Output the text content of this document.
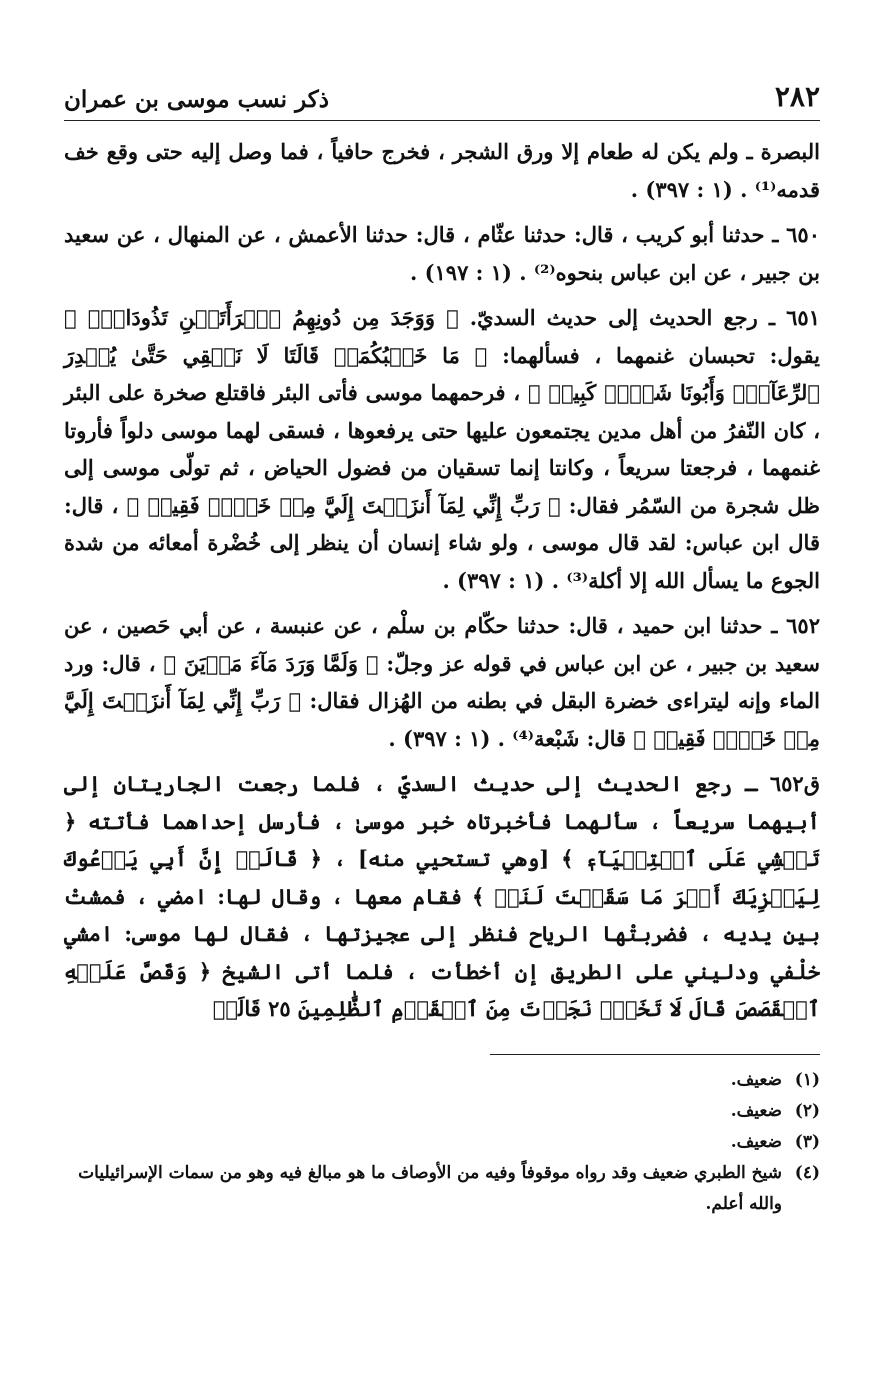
٢٨٢
ذكر نسب موسى بن عمران

البصرة ـ ولم يكن له طعام إلا ورق الشجر ، فخرج حافياً ، فما وصل إليه حتى وقع خف قدمه⁽¹⁾ . (١ : ٣٩٧) .

٦٥٠ ـ حدثنا أبو كريب ، قال: حدثنا عثّام ، قال: حدثنا الأعمش ، عن المنهال ، عن سعيد بن جبير ، عن ابن عباس بنحوه⁽²⁾ . (١ : ١٩٧) .

٦٥١ ـ رجع الحديث إلى حديث السديّ. ﴿ وَوَجَدَ مِن دُونِهِمُ ٱمۡرَأَتَيۡنِ تَذُودَانِۖ ﴾ يقول: تحبسان غنمهما ، فسألهما: ﴿ مَا خَطۡبُكُمَاۖ قَالَتَا لَا نَسۡقِي حَتَّىٰ يُصۡدِرَ ٱلرِّعَآءُۖ وَأَبُونَا شَيۡخٞ كَبِيرٞ ﴾ ، فرحمهما موسى فأتى البئر فاقتلع صخرة على البئر ، كان النّفرُ من أهل مدين يجتمعون عليها حتى يرفعوها ، فسقى لهما موسى دلواً فأروتا غنمهما ، فرجعتا سريعاً ، وكانتا إنما تسقيان من فضول الحياض ، ثم تولّى موسى إلى ظل شجرة من السّمُر فقال: ﴿ رَبِّ إِنِّي لِمَآ أَنزَلۡتَ إِلَيَّ مِنۡ خَيۡرٖ فَقِيرٞ ﴾ ، قال: قال ابن عباس: لقد قال موسى ، ولو شاء إنسان أن ينظر إلى خُضْرة أمعائه من شدة الجوع ما يسأل الله إلا أكلة⁽³⁾ . (١ : ٣٩٧) .

٦٥٢ ـ حدثنا ابن حميد ، قال: حدثنا حكّام بن سلْم ، عن عنبسة ، عن أبي حَصين ، عن سعيد بن جبير ، عن ابن عباس في قوله عز وجلّ: ﴿ وَلَمَّا وَرَدَ مَآءَ مَدۡيَنَ ﴾ ، قال: ورد الماء وإنه ليتراءى خضرة البقل في بطنه من الهُزال فقال: ﴿ رَبِّ إِنِّي لِمَآ أَنزَلۡتَ إِلَيَّ مِنۡ خَيۡرٖ فَقِيرٞ ﴾ قال: شَبْعة⁽⁴⁾ . (١ : ٣٩٧) .

ق٦٥٢ ـ رجع الحديث إلى حديث السديّ ، فلما رجعت الجاريتان إلى أبيهما سريعاً ، سألهما فأخبرتاه خبر موسىٰ ، فأرسل إحداهما فأتته ﴿ تَمۡشِي عَلَى ٱسۡتِحۡيَآءٖ ﴾ [وهي تستحيي منه] ، ﴿ قَالَتۡ إِنَّ أَبِي يَدۡعُوكَ لِيَجۡزِيَكَ أَجۡرَ مَا سَقَيۡتَ لَنَاۚ ﴾ فقام معها ، وقال لها: امضي ، فمشتْ بين يديه ، فضربتْها الرياح فنظر إلى عجيزتها ، فقال لها موسى: امشي خلْفي ودليني على الطريق إن أخطأت ، فلما أتى الشيخ ﴿ وَقَصَّ عَلَيۡهِ ٱلۡقَصَصَ قَالَ لَا تَخَفۡۖ نَجَوۡتَ مِنَ ٱلۡقَوۡمِ ٱلظَّٰلِمِينَ ٢٥ قَالَتۡ

(١)
ضعيف.
(٢)
ضعيف.
(٣)
ضعيف.
(٤)
شيخ الطبري ضعيف وقد رواه موقوفاً وفيه من الأوصاف ما هو مبالغ فيه وهو من سمات الإسرائيليات والله أعلم.
